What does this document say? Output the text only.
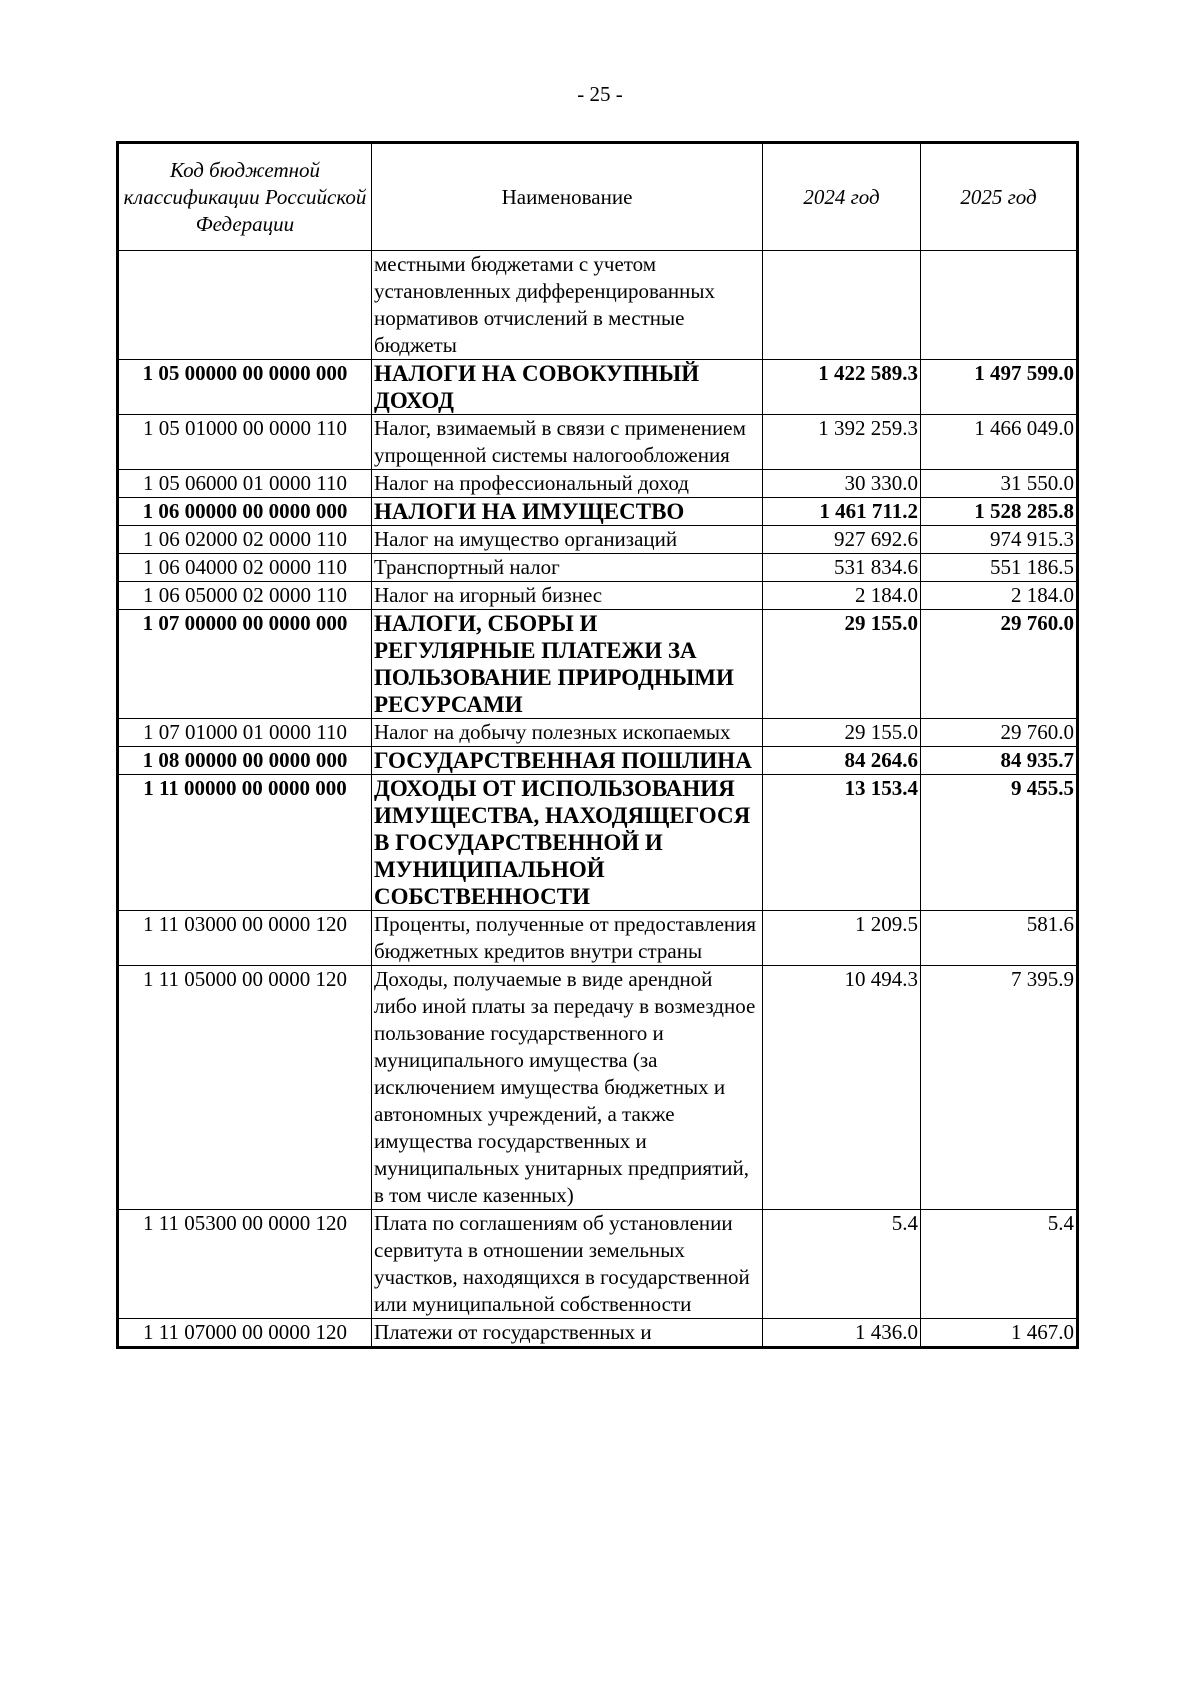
- 25 -
Код бюджетной классификации Российской Федерации	Наименование	2024 год	2025 год
	местными бюджетами с учетом установленных дифференцированных нормативов отчислений в местные бюджеты		
1 05 00000 00 0000 000	НАЛОГИ НА СОВОКУПНЫЙ ДОХОД	1 422 589.3	1 497 599.0
1 05 01000 00 0000 110	Налог, взимаемый в связи с применением упрощенной системы налогообложения	1 392 259.3	1 466 049.0
1 05 06000 01 0000 110	Налог на профессиональный доход	30 330.0	31 550.0
1 06 00000 00 0000 000	НАЛОГИ НА ИМУЩЕСТВО	1 461 711.2	1 528 285.8
1 06 02000 02 0000 110	Налог на имущество организаций	927 692.6	974 915.3
1 06 04000 02 0000 110	Транспортный налог	531 834.6	551 186.5
1 06 05000 02 0000 110	Налог на игорный бизнес	2 184.0	2 184.0
1 07 00000 00 0000 000	НАЛОГИ, СБОРЫ И РЕГУЛЯРНЫЕ ПЛАТЕЖИ ЗА ПОЛЬЗОВАНИЕ ПРИРОДНЫМИ РЕСУРСАМИ	29 155.0	29 760.0
1 07 01000 01 0000 110	Налог на добычу полезных ископаемых	29 155.0	29 760.0
1 08 00000 00 0000 000	ГОСУДАРСТВЕННАЯ ПОШЛИНА	84 264.6	84 935.7
1 11 00000 00 0000 000	ДОХОДЫ ОТ ИСПОЛЬЗОВАНИЯ ИМУЩЕСТВА, НАХОДЯЩЕГОСЯ В ГОСУДАРСТВЕННОЙ И МУНИЦИПАЛЬНОЙ СОБСТВЕННОСТИ	13 153.4	9 455.5
1 11 03000 00 0000 120	Проценты, полученные от предоставления бюджетных кредитов внутри страны	1 209.5	581.6
1 11 05000 00 0000 120	Доходы, получаемые в виде арендной либо иной платы за передачу в возмездное пользование государственного и муниципального имущества (за исключением имущества бюджетных и автономных учреждений, а также имущества государственных и муниципальных унитарных предприятий, в том числе казенных)	10 494.3	7 395.9
1 11 05300 00 0000 120	Плата по соглашениям об установлении сервитута в отношении земельных участков, находящихся в государственной или муниципальной собственности	5.4	5.4
1 11 07000 00 0000 120	Платежи от государственных и	1 436.0	1 467.0
